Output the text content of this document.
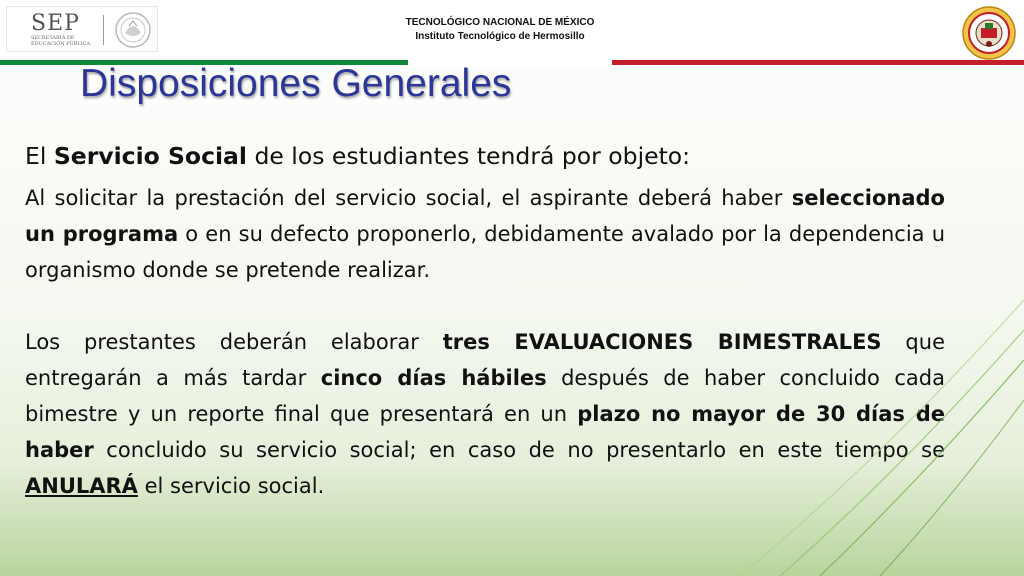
SEP
SECRETARÍA DE EDUCACIÓN PÚBLICA
TECNOLÓGICO NACIONAL DE MÉXICO
Instituto Tecnológico de Hermosillo
Disposiciones Generales

El Servicio Social de los estudiantes tendrá por objeto:

Al solicitar la prestación del servicio social, el aspirante deberá haber seleccionado un programa o en su defecto proponerlo, debidamente avalado por la dependencia u organismo donde se pretende realizar.

Los prestantes deberán elaborar tres EVALUACIONES BIMESTRALES que entregarán a más tardar cinco días hábiles después de haber concluido cada bimestre y un reporte final que presentará en un plazo no mayor de 30 días de haber concluido su servicio social; en caso de no presentarlo en este tiempo se ANULARÁ el servicio social.
